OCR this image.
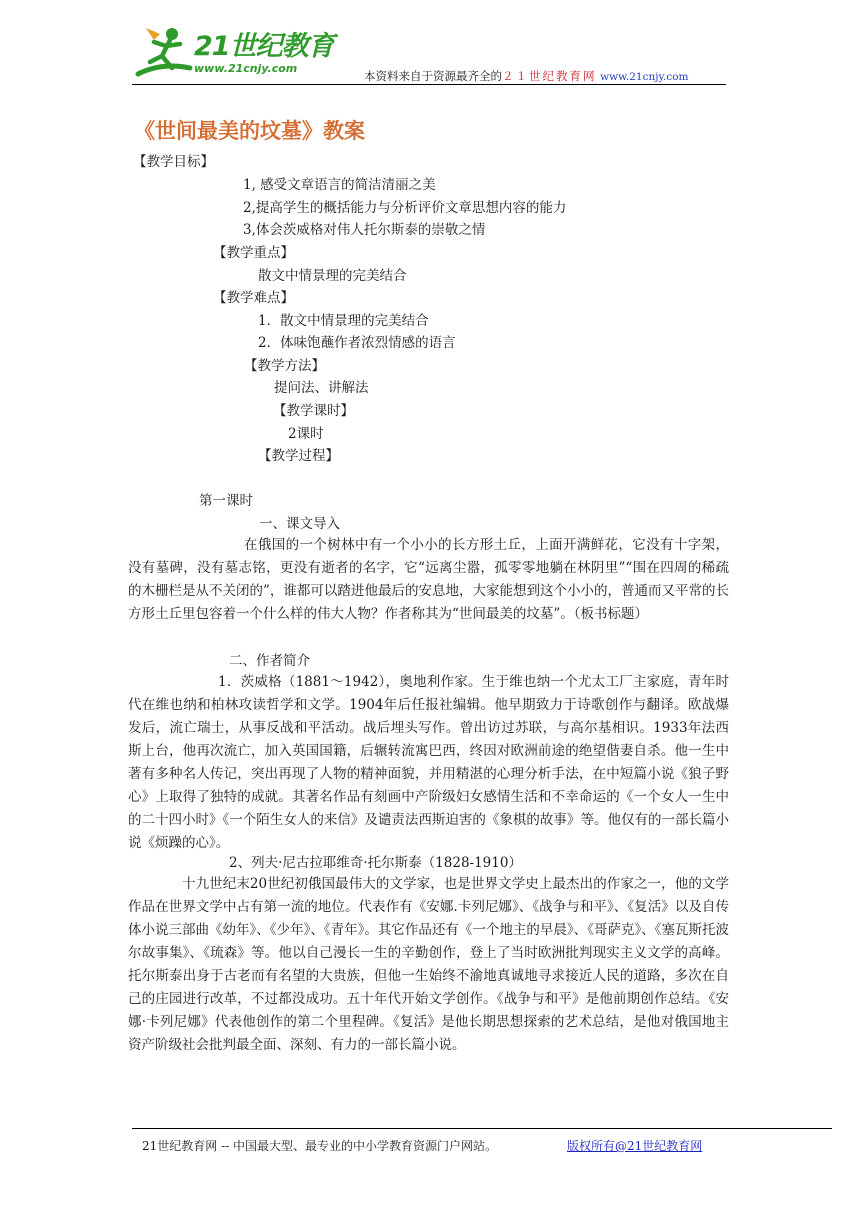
21世纪教育
www.21cnjy.com
本资料来自于资源最齐全的２１世纪教育网 www.21cnjy.com
《世间最美的坟墓》教案
【教学目标】
1, 感受文章语言的简洁清丽之美
2,提高学生的概括能力与分析评价文章思想内容的能力
3,体会茨威格对伟人托尔斯泰的崇敬之情
【教学重点】
散文中情景理的完美结合
【教学难点】
1．散文中情景理的完美结合
2．体味饱蘸作者浓烈情感的语言
【教学方法】
提问法、讲解法
【教学课时】
2课时
【教学过程】
第一课时
一、课文导入
在俄国的一个树林中有一个小小的长方形土丘，上面开满鲜花，它没有十字架，没有墓碑，没有墓志铭，更没有逝者的名字，它“远离尘嚣，孤零零地躺在林阴里”“围在四周的稀疏的木栅栏是从不关闭的”，谁都可以踏进他最后的安息地，大家能想到这个小小的，普通而又平常的长方形土丘里包容着一个什么样的伟大人物？作者称其为“世间最美的坟墓”。（板书标题）
二、作者简介
1．茨威格（1881～1942），奥地利作家。生于维也纳一个尤太工厂主家庭，青年时代在维也纳和柏林攻读哲学和文学。1904年后任报社编辑。他早期致力于诗歌创作与翻译。欧战爆发后，流亡瑞士，从事反战和平活动。战后埋头写作。曾出访过苏联，与高尔基相识。1933年法西斯上台，他再次流亡，加入英国国籍，后辗转流寓巴西，终因对欧洲前途的绝望偕妻自杀。他一生中著有多种名人传记，突出再现了人物的精神面貌，并用精湛的心理分析手法，在中短篇小说《狼子野心》上取得了独特的成就。其著名作品有刻画中产阶级妇女感情生活和不幸命运的《一个女人一生中的二十四小时》《一个陌生女人的来信》及谴责法西斯迫害的《象棋的故事》等。他仅有的一部长篇小说《烦躁的心》。
2、列夫·尼古拉耶维奇·托尔斯泰（1828-1910）
十九世纪末20世纪初俄国最伟大的文学家，也是世界文学史上最杰出的作家之一，他的文学作品在世界文学中占有第一流的地位。代表作有《安娜.卡列尼娜》、《战争与和平》、《复活》以及自传体小说三部曲《幼年》、《少年》、《青年》。其它作品还有《一个地主的早晨》、《哥萨克》、《塞瓦斯托波尔故事集》、《琉森》等。他以自己漫长一生的辛勤创作，登上了当时欧洲批判现实主义文学的高峰。托尔斯泰出身于古老而有名望的大贵族，但他一生始终不渝地真诚地寻求接近人民的道路，多次在自己的庄园进行改革，不过都没成功。五十年代开始文学创作。《战争与和平》是他前期创作总结。《安娜·卡列尼娜》代表他创作的第二个里程碑。《复活》是他长期思想探索的艺术总结，是他对俄国地主资产阶级社会批判最全面、深刻、有力的一部长篇小说。
21世纪教育网 -- 中国最大型、最专业的中小学教育资源门户网站。	版权所有@21世纪教育网
